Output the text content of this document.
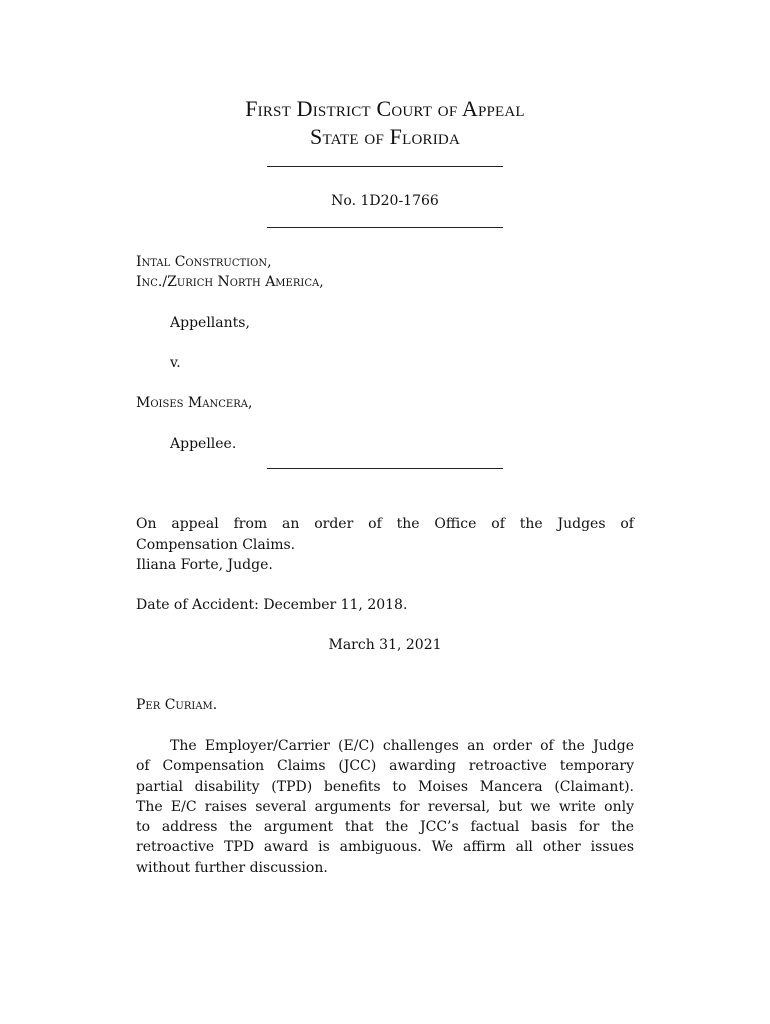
First District Court of Appeal
State of Florida
No. 1D20-1766
Intal Construction,
Inc./Zurich North America,
Appellants,
v.
Moises Mancera,
Appellee.
On appeal from an order of the Office of the Judges of
Compensation Claims.
Iliana Forte, Judge.
Date of Accident: December 11, 2018.
March 31, 2021
Per Curiam.
The Employer/Carrier (E/C) challenges an order of the Judge
of Compensation Claims (JCC) awarding retroactive temporary
partial disability (TPD) benefits to Moises Mancera (Claimant).
The E/C raises several arguments for reversal, but we write only
to address the argument that the JCC’s factual basis for the
retroactive TPD award is ambiguous. We affirm all other issues
without further discussion.
